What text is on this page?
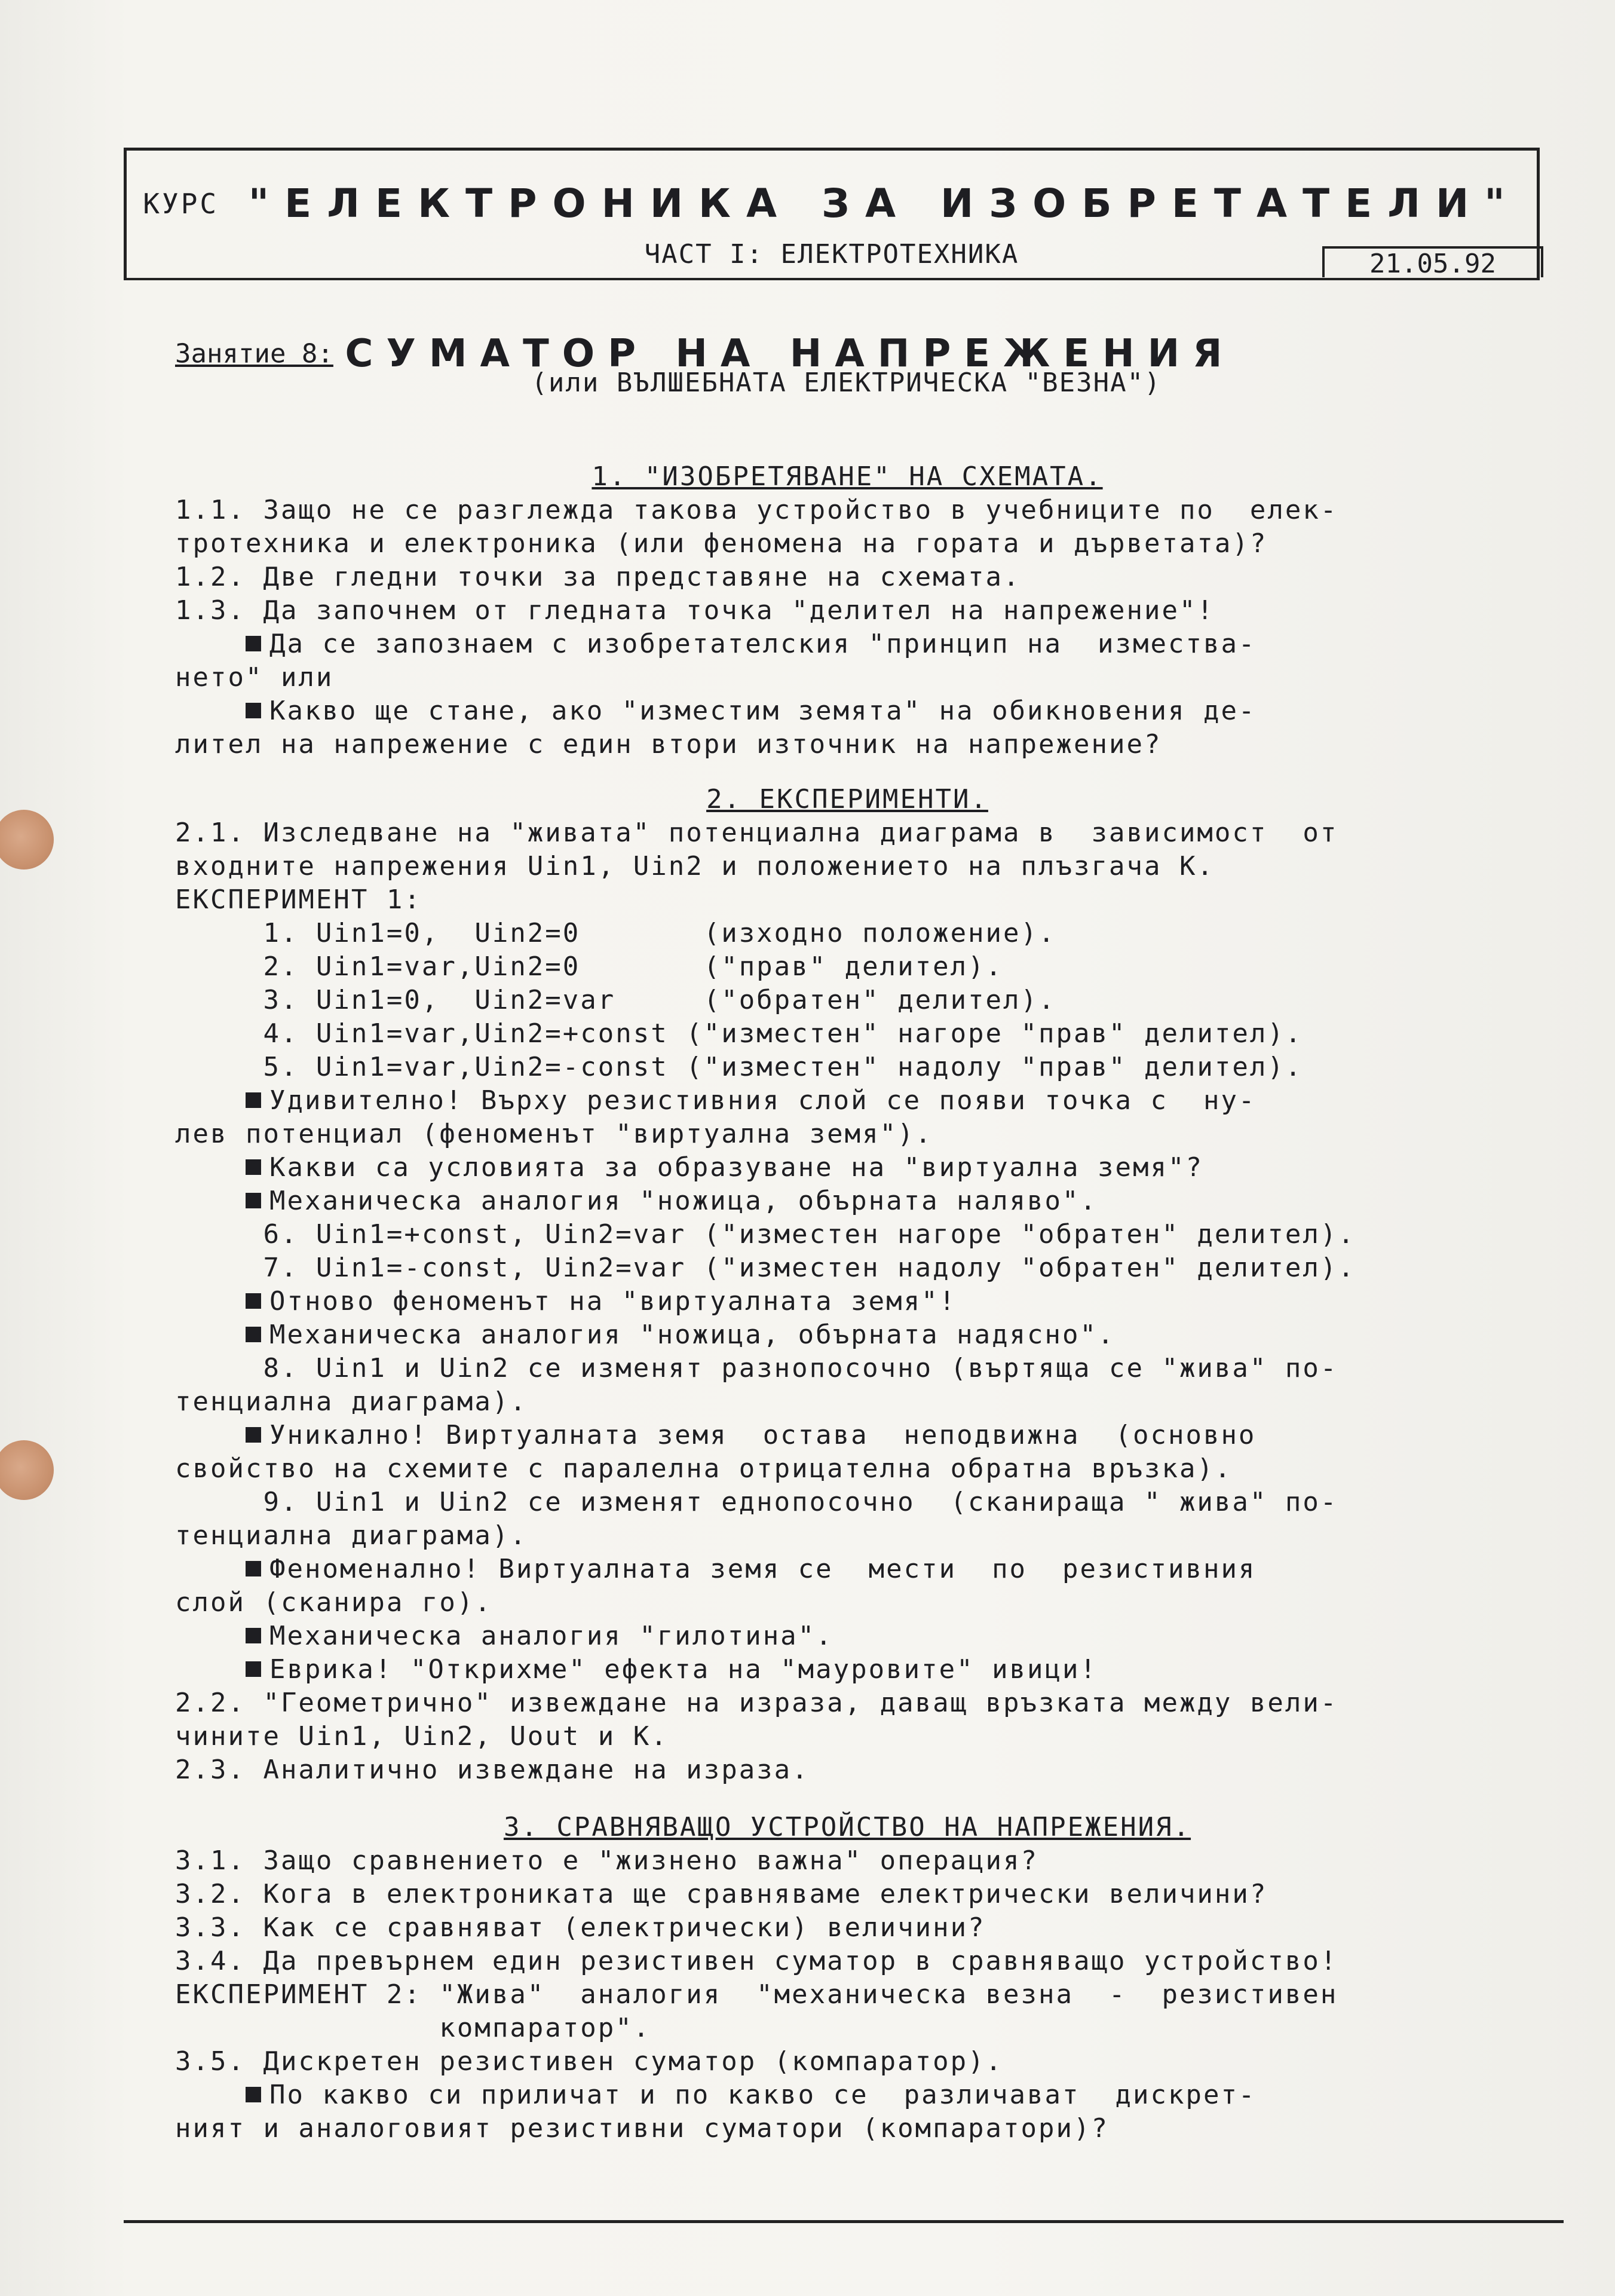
КУРС "ЕЛЕКТРОНИКА ЗА ИЗОБРЕТАТЕЛИ"
ЧАСТ I: ЕЛЕКТРОТЕХНИКА	21.05.92
Занятие 8: СУМАТОР НА НАПРЕЖЕНИЯ
(или ВЪЛШЕБНАТА ЕЛЕКТРИЧЕСКА "ВЕЗНА")
1. "ИЗОБРЕТЯВАНЕ" НА СХЕМАТА.
1.1. Защо не се разглежда такова устройство в учебниците по  елек-
тротехника и електроника (или феномена на гората и дърветата)?
1.2. Две гледни точки за представяне на схемата.
1.3. Да започнем от гледната точка "делител на напрежение"!
Да се запознаем с изобретателския "принцип на  измества-
нето" или
Какво ще стане, ако "изместим земята" на обикновения де-
лител на напрежение с един втори източник на напрежение?
2. ЕКСПЕРИМЕНТИ.
2.1. Изследване на "живата" потенциална диаграма в  зависимост  от
входните напрежения Uin1, Uin2 и положението на плъзгача К.
ЕКСПЕРИМЕНТ 1:
1. Uin1=0,  Uin2=0       (изходно положение).
2. Uin1=var,Uin2=0       ("прав" делител).
3. Uin1=0,  Uin2=var     ("обратен" делител).
4. Uin1=var,Uin2=+const ("изместен" нагоре "прав" делител).
5. Uin1=var,Uin2=-const ("изместен" надолу "прав" делител).
Удивително! Върху резистивния слой се появи точка с  ну-
лев потенциал (феноменът "виртуална земя").
Какви са условията за образуване на "виртуална земя"?
Механическа аналогия "ножица, обърната наляво".
6. Uin1=+const, Uin2=var ("изместен нагоре "обратен" делител).
7. Uin1=-const, Uin2=var ("изместен надолу "обратен" делител).
Отново феноменът на "виртуалната земя"!
Механическа аналогия "ножица, обърната надясно".
8. Uin1 и Uin2 се изменят разнопосочно (въртяща се "жива" по-
тенциална диаграма).
Уникално! Виртуалната земя  остава  неподвижна  (основно
свойство на схемите с паралелна отрицателна обратна връзка).
9. Uin1 и Uin2 се изменят еднопосочно  (сканираща " жива" по-
тенциална диаграма).
Феноменално! Виртуалната земя се  мести  по  резистивния
слой (сканира го).
Механическа аналогия "гилотина".
Еврика! "Открихме" ефекта на "мауровите" ивици!
2.2. "Геометрично" извеждане на израза, даващ връзката между вели-
чините Uin1, Uin2, Uout и К.
2.3. Аналитично извеждане на израза.
3. СРАВНЯВАЩО УСТРОЙСТВО НА НАПРЕЖЕНИЯ.
3.1. Защо сравнението е "жизнено важна" операция?
3.2. Кога в електрониката ще сравняваме електрически величини?
3.3. Как се сравняват (електрически) величини?
3.4. Да превърнем един резистивен суматор в сравняващо устройство!
ЕКСПЕРИМЕНТ 2: "Жива"  аналогия  "механическа везна  -  резистивен
компаратор".
3.5. Дискретен резистивен суматор (компаратор).
По какво си приличат и по какво се  различават  дискрет-
ният и аналоговият резистивни суматори (компаратори)?
